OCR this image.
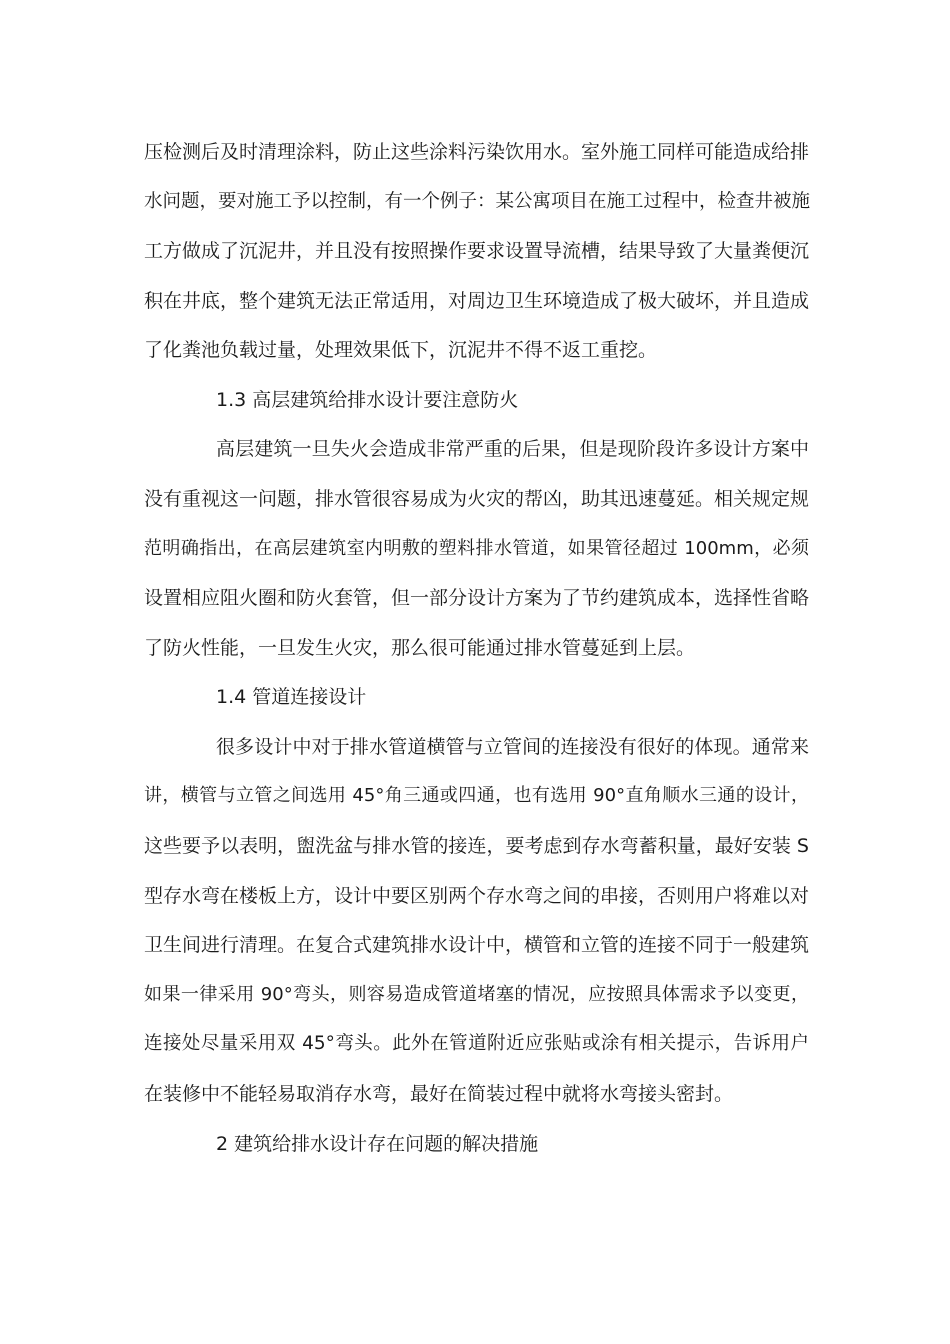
压检测后及时清理涂料，防止这些涂料污染饮用水。室外施工同样可能造成给排
水问题，要对施工予以控制，有一个例子：某公寓项目在施工过程中，检查井被施
工方做成了沉泥井，并且没有按照操作要求设置导流槽，结果导致了大量粪便沉
积在井底，整个建筑无法正常适用，对周边卫生环境造成了极大破坏，并且造成
了化粪池负载过量，处理效果低下，沉泥井不得不返工重挖。
1.3 高层建筑给排水设计要注意防火
高层建筑一旦失火会造成非常严重的后果，但是现阶段许多设计方案中
没有重视这一问题，排水管很容易成为火灾的帮凶，助其迅速蔓延。相关规定规
范明确指出，在高层建筑室内明敷的塑料排水管道，如果管径超过 100mm，必须
设置相应阻火圈和防火套管，但一部分设计方案为了节约建筑成本，选择性省略
了防火性能，一旦发生火灾，那么很可能通过排水管蔓延到上层。
1.4 管道连接设计
很多设计中对于排水管道横管与立管间的连接没有很好的体现。通常来
讲，横管与立管之间选用 45°角三通或四通，也有选用 90°直角顺水三通的设计，
这些要予以表明，盥洗盆与排水管的接连，要考虑到存水弯蓄积量，最好安装 S
型存水弯在楼板上方，设计中要区别两个存水弯之间的串接，否则用户将难以对
卫生间进行清理。在复合式建筑排水设计中，横管和立管的连接不同于一般建筑
如果一律采用 90°弯头，则容易造成管道堵塞的情况，应按照具体需求予以变更，
连接处尽量采用双 45°弯头。此外在管道附近应张贴或涂有相关提示，告诉用户
在装修中不能轻易取消存水弯，最好在简装过程中就将水弯接头密封。
2 建筑给排水设计存在问题的解决措施
